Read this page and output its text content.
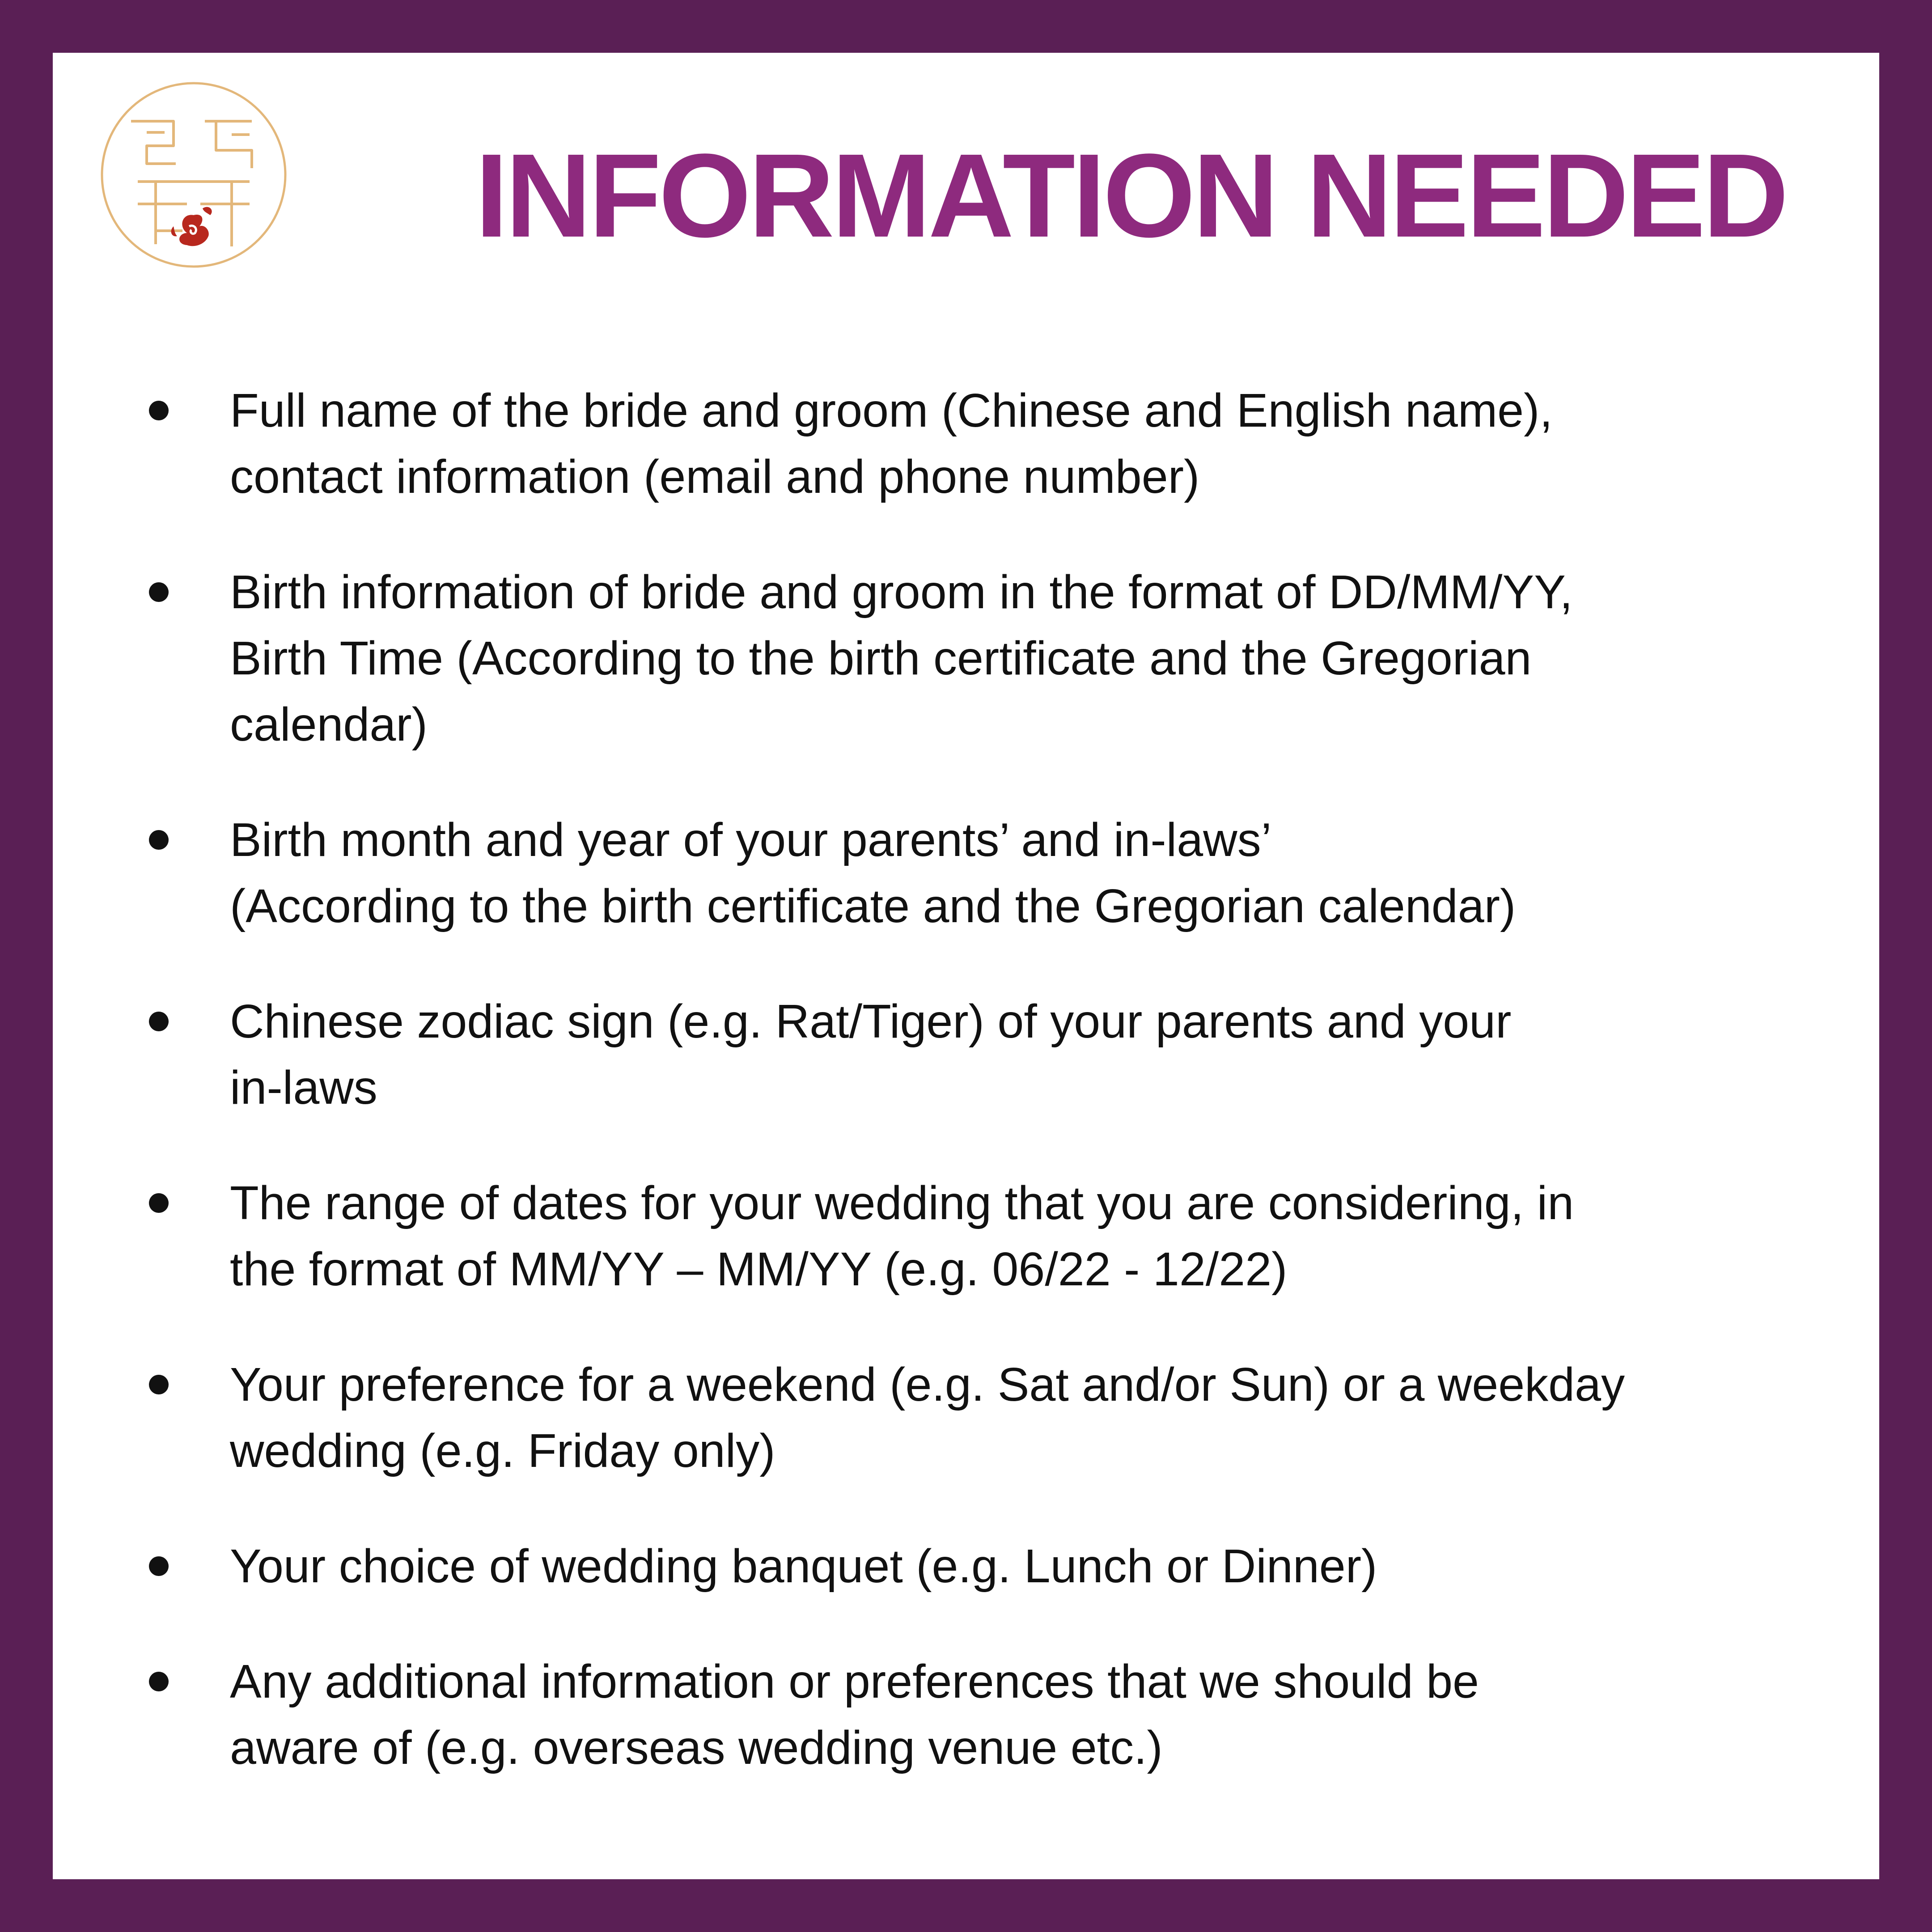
INFORMATION NEEDED
Full name of the bride and groom (Chinese and English name),
contact information (email and phone number)
Birth information of bride and groom in the format of DD/MM/YY,
Birth Time (According to the birth certificate and the Gregorian
calendar)
Birth month and year of your parents’ and in-laws’
(According to the birth certificate and the Gregorian calendar)
Chinese zodiac sign (e.g. Rat/Tiger) of your parents and your
in-laws
The range of dates for your wedding that you are considering, in
the format of MM/YY – MM/YY (e.g. 06/22 - 12/22)
Your preference for a weekend (e.g. Sat and/or Sun) or a weekday
wedding (e.g. Friday only)
Your choice of wedding banquet (e.g. Lunch or Dinner)
Any additional information or preferences that we should be
aware of (e.g. overseas wedding venue etc.)
